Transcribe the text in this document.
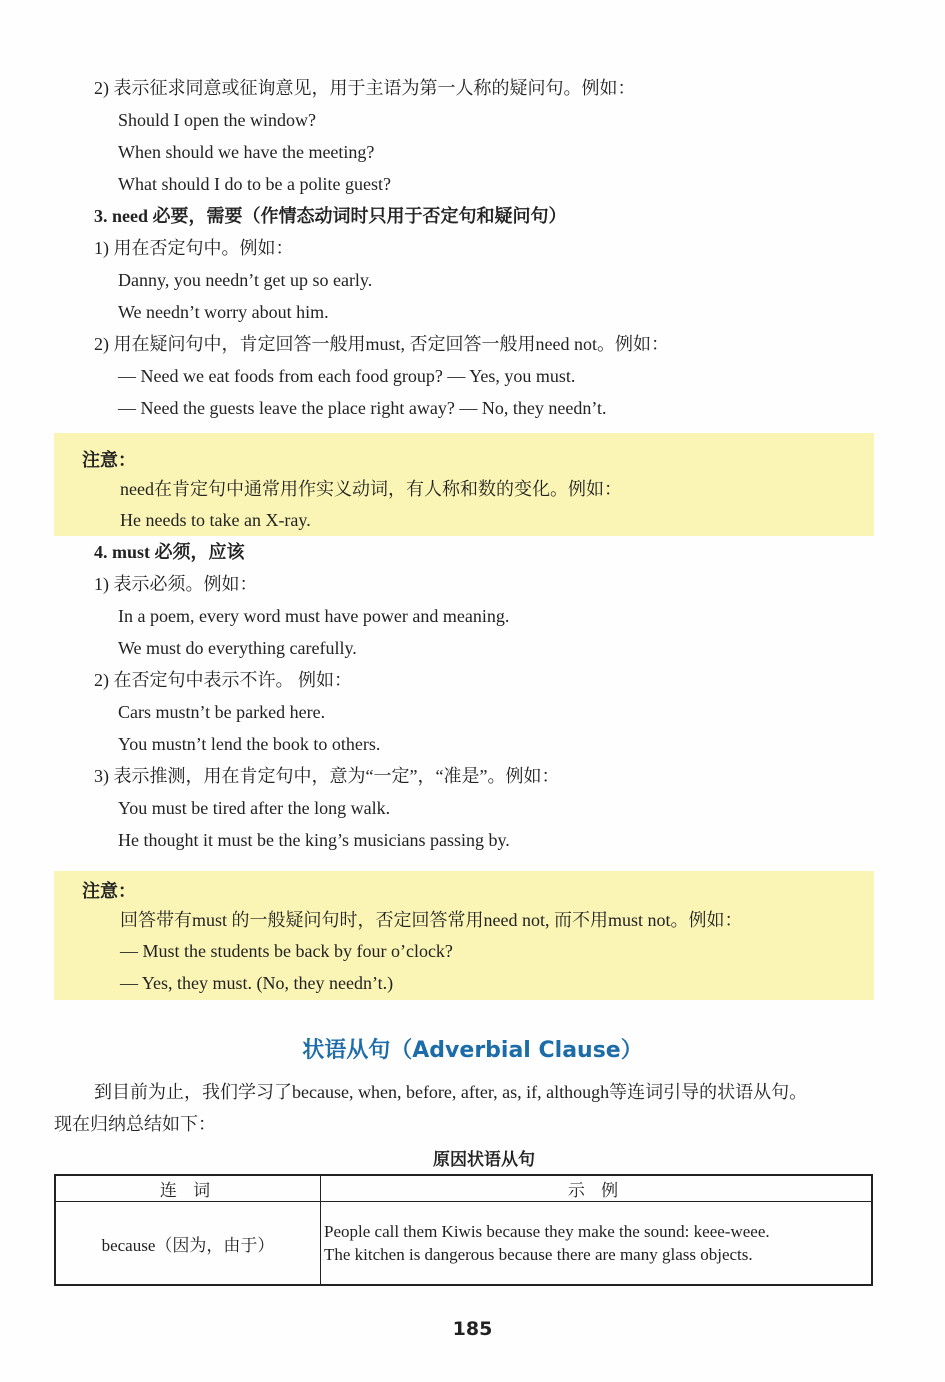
2) 表示征求同意或征询意见，用于主语为第一人称的疑问句。例如：
Should I open the window?
When should we have the meeting?
What should I do to be a polite guest?
3. need 必要，需要（作情态动词时只用于否定句和疑问句）
1) 用在否定句中。例如：
Danny, you needn’t get up so early.
We needn’t worry about him.
2) 用在疑问句中，肯定回答一般用must, 否定回答一般用need not。例如：
— Need we eat foods from each food group? — Yes, you must.
— Need the guests leave the place right away? — No, they needn’t.
注意：
need在肯定句中通常用作实义动词，有人称和数的变化。例如：
He needs to take an X-ray.
4. must 必须，应该
1) 表示必须。例如：
In a poem, every word must have power and meaning.
We must do everything carefully.
2) 在否定句中表示不许。 例如：
Cars mustn’t be parked here.
You mustn’t lend the book to others.
3) 表示推测，用在肯定句中，意为“一定”，“准是”。例如：
You must be tired after the long walk.
He thought it must be the king’s musicians passing by.
注意：
回答带有must 的一般疑问句时，否定回答常用need not, 而不用must not。例如：
— Must the students be back by four o’clock?
— Yes, they must. (No, they needn’t.)
状语从句（Adverbial Clause）
到目前为止，我们学习了because, when, before, after, as, if, although等连词引导的状语从句。
现在归纳总结如下：
原因状语从句
连 词	示 例
because（因为，由于）	People call them Kiwis because they make the sound: keee-weee.
The kitchen is dangerous because there are many glass objects.
185
